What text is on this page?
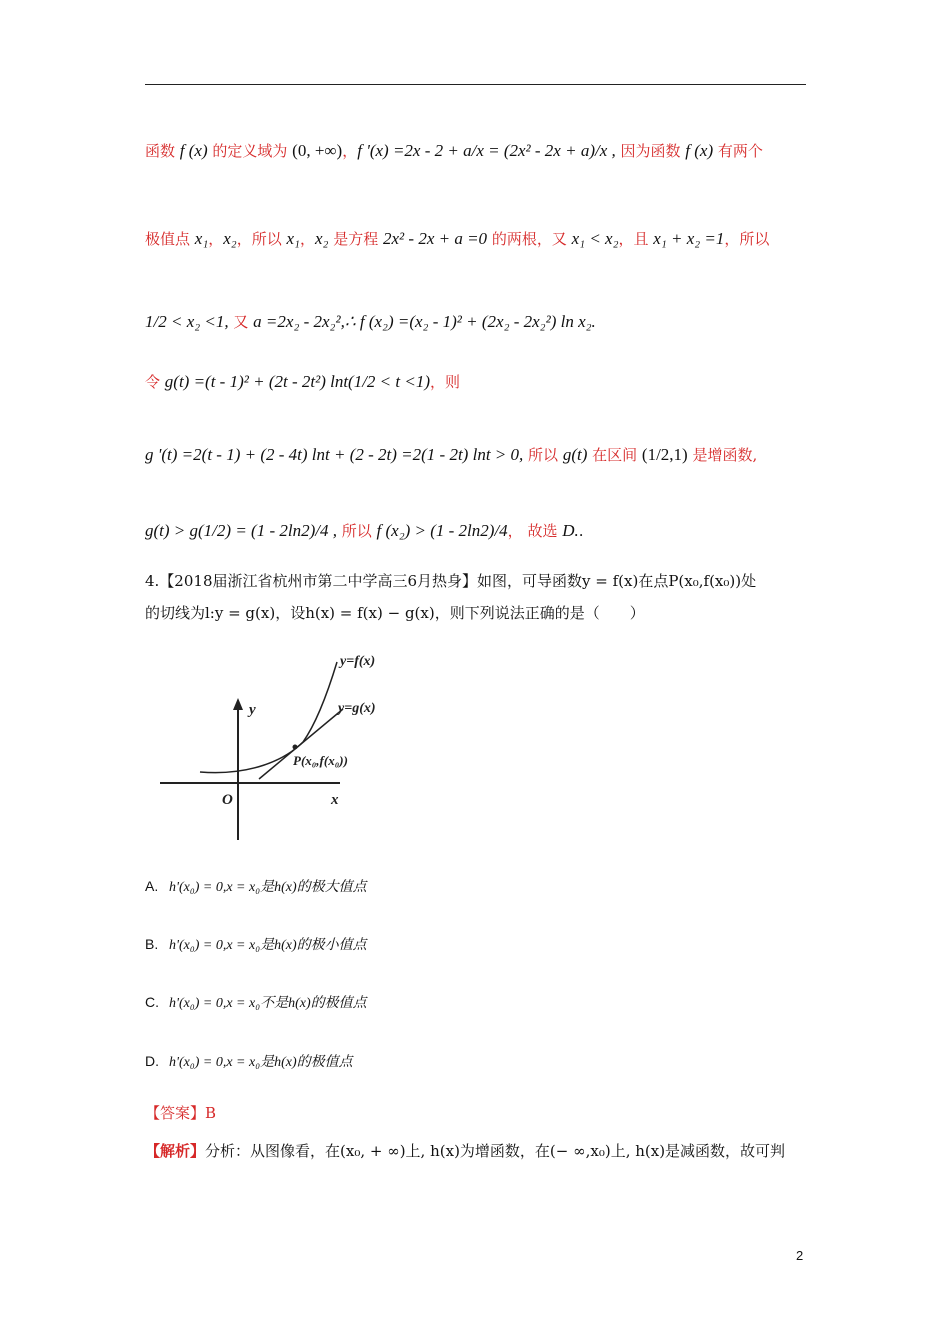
函数 f (x) 的定义域为 (0, +∞)，f '(x) =2x - 2 + a/x = (2x² - 2x + a)/x , 因为函数 f (x) 有两个
极值点 x₁，x₂，所以 x₁，x₂ 是方程 2x² - 2x + a =0 的两根，又 x₁ < x₂，且 x₁ + x₂ =1，所以
1/2 < x₂ <1, 又 a =2x₂ - 2x₂²,∴ f (x₂) =(x₂ - 1)² + (2x₂ - 2x₂²) ln x₂.
令 g(t) =(t - 1)² + (2t - 2t²) lnt(1/2 < t <1)，则
g '(t) =2(t - 1) + (2 - 4t) lnt + (2 - 2t) =2(1 - 2t) lnt > 0, 所以 g(t) 在区间 (1/2,1) 是增函数,
g(t) > g(1/2) = (1 - 2ln2)/4 , 所以 f (x₂) > (1 - 2ln2)/4， 故选 D..
4.【2018届浙江省杭州市第二中学高三6月热身】如图，可导函数y = f(x)在点P(x₀,f(x₀))处
的切线为l:y = g(x)，设h(x) = f(x) − g(x)，则下列说法正确的是（　　）
y=f(x)
y=g(x)
P(x₀,f(x₀))
y
x
O
A. h'(x₀) = 0,x = x₀是h(x)的极大值点
B. h'(x₀) = 0,x = x₀是h(x)的极小值点
C. h'(x₀) = 0,x = x₀不是h(x)的极值点
D. h'(x₀) = 0,x = x₀是h(x)的极值点
【答案】B
【解析】分析：从图像看，在(x₀, + ∞)上, h(x)为增函数，在(− ∞,x₀)上, h(x)是减函数，故可判
2
